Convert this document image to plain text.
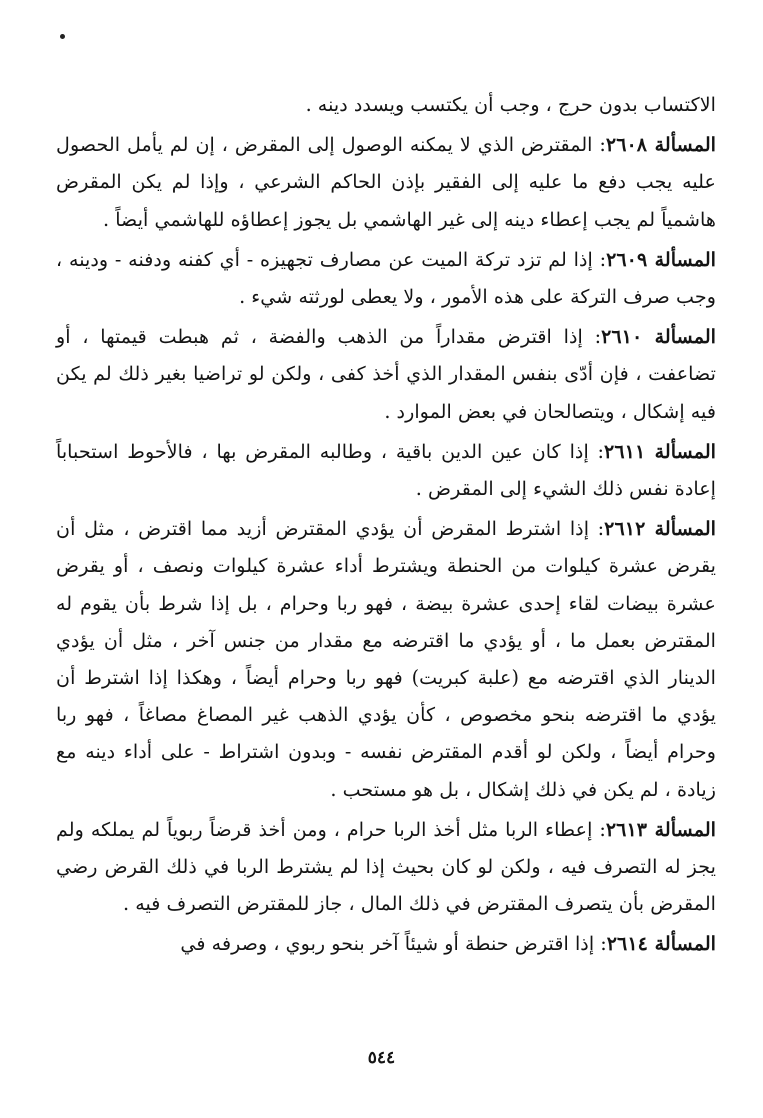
الاكتساب بدون حرج ، وجب أن يكتسب ويسدد دينه .

المسألة ٢٦٠٨: المقترض الذي لا يمكنه الوصول إلى المقرض ، إن لم يأمل الحصول عليه يجب دفع ما عليه إلى الفقير بإذن الحاكم الشرعي ، وإذا لم يكن المقرض هاشمياً لم يجب إعطاء دينه إلى غير الهاشمي بل يجوز إعطاؤه للهاشمي أيضاً .

المسألة ٢٦٠٩: إذا لم تزد تركة الميت عن مصارف تجهيزه - أي كفنه ودفنه - ودينه ، وجب صرف التركة على هذه الأمور ، ولا يعطى لورثته شيء .

المسألة ٢٦١٠: إذا اقترض مقداراً من الذهب والفضة ، ثم هبطت قيمتها ، أو تضاعفت ، فإن أدّى بنفس المقدار الذي أخذ كفى ، ولكن لو تراضيا بغير ذلك لم يكن فيه إشكال ، ويتصالحان في بعض الموارد .

المسألة ٢٦١١: إذا كان عين الدين باقية ، وطالبه المقرض بها ، فالأحوط استحباباً إعادة نفس ذلك الشيء إلى المقرض .

المسألة ٢٦١٢: إذا اشترط المقرض أن يؤدي المقترض أزيد مما اقترض ، مثل أن يقرض عشرة كيلوات من الحنطة ويشترط أداء عشرة كيلوات ونصف ، أو يقرض عشرة بيضات لقاء إحدى عشرة بيضة ، فهو ربا وحرام ، بل إذا شرط بأن يقوم له المقترض بعمل ما ، أو يؤدي ما اقترضه مع مقدار من جنس آخر ، مثل أن يؤدي الدينار الذي اقترضه مع (علبة كبريت) فهو ربا وحرام أيضاً ، وهكذا إذا اشترط أن يؤدي ما اقترضه بنحو مخصوص ، كأن يؤدي الذهب غير المصاغ مصاغاً ، فهو ربا وحرام أيضاً ، ولكن لو أقدم المقترض نفسه - وبدون اشتراط - على أداء دينه مع زيادة ، لم يكن في ذلك إشكال ، بل هو مستحب .

المسألة ٢٦١٣: إعطاء الربا مثل أخذ الربا حرام ، ومن أخذ قرضاً ربوياً لم يملكه ولم يجز له التصرف فيه ، ولكن لو كان بحيث إذا لم يشترط الربا في ذلك القرض رضي المقرض بأن يتصرف المقترض في ذلك المال ، جاز للمقترض التصرف فيه .

المسألة ٢٦١٤: إذا اقترض حنطة أو شيئاً آخر بنحو ربوي ، وصرفه في

٥٤٤
